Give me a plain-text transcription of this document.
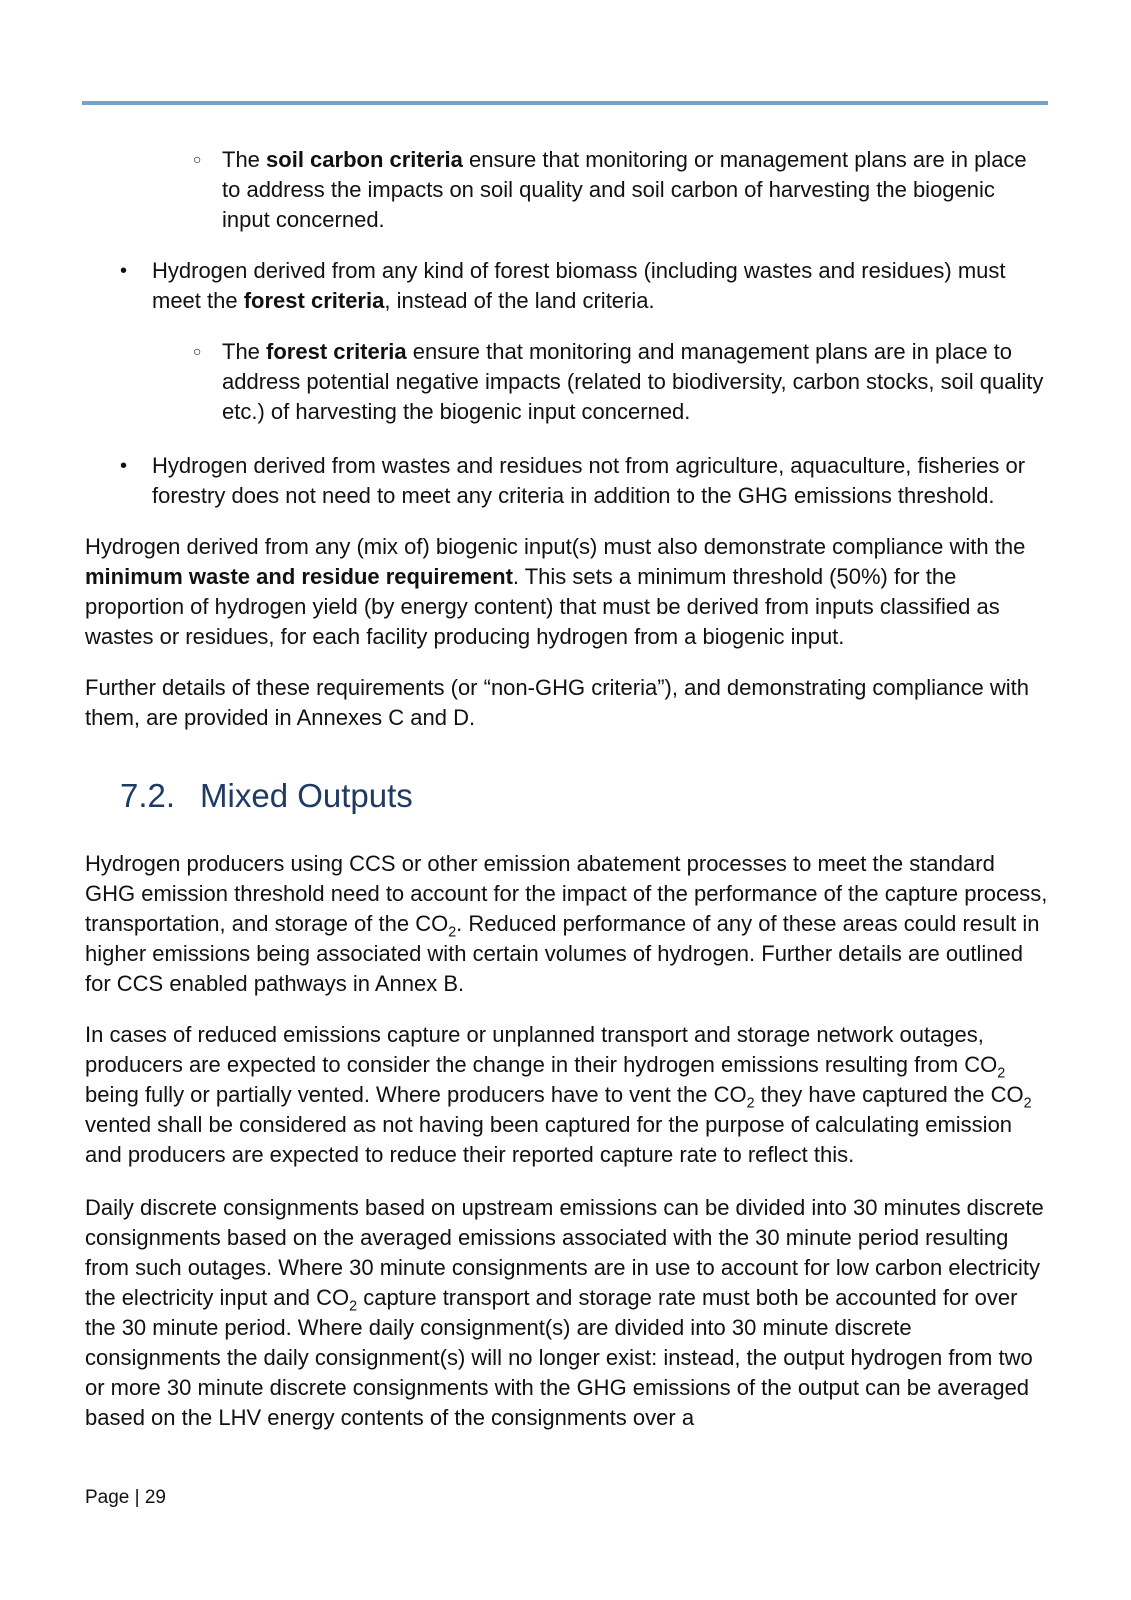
○ The soil carbon criteria ensure that monitoring or management plans are in place to address the impacts on soil quality and soil carbon of harvesting the biogenic input concerned.
•	Hydrogen derived from any kind of forest biomass (including wastes and residues) must meet the forest criteria, instead of the land criteria.
○ The forest criteria ensure that monitoring and management plans are in place to address potential negative impacts (related to biodiversity, carbon stocks, soil quality etc.) of harvesting the biogenic input concerned.
•	Hydrogen derived from wastes and residues not from agriculture, aquaculture, fisheries or forestry does not need to meet any criteria in addition to the GHG emissions threshold.

Hydrogen derived from any (mix of) biogenic input(s) must also demonstrate compliance with the minimum waste and residue requirement. This sets a minimum threshold (50%) for the proportion of hydrogen yield (by energy content) that must be derived from inputs classified as wastes or residues, for each facility producing hydrogen from a biogenic input.

Further details of these requirements (or “non-GHG criteria”), and demonstrating compliance with them, are provided in Annexes C and D.

7.2. Mixed Outputs

Hydrogen producers using CCS or other emission abatement processes to meet the standard GHG emission threshold need to account for the impact of the performance of the capture process, transportation, and storage of the $CO_2$. Reduced performance of any of these areas could result in higher emissions being associated with certain volumes of hydrogen. Further details are outlined for CCS enabled pathways in Annex B.

In cases of reduced emissions capture or unplanned transport and storage network outages, producers are expected to consider the change in their hydrogen emissions resulting from $CO_2$ being fully or partially vented. Where producers have to vent the $CO_2$ they have captured the $CO_2$ vented shall be considered as not having been captured for the purpose of calculating emission and producers are expected to reduce their reported capture rate to reflect this.

Daily discrete consignments based on upstream emissions can be divided into 30 minutes discrete consignments based on the averaged emissions associated with the 30 minute period resulting from such outages. Where 30 minute consignments are in use to account for low carbon electricity the electricity input and $CO_2$ capture transport and storage rate must both be accounted for over the 30 minute period. Where daily consignment(s) are divided into 30 minute discrete consignments the daily consignment(s) will no longer exist: instead, the output hydrogen from two or more 30 minute discrete consignments with the GHG emissions of the output can be averaged based on the LHV energy contents of the consignments over a

Page | 29
